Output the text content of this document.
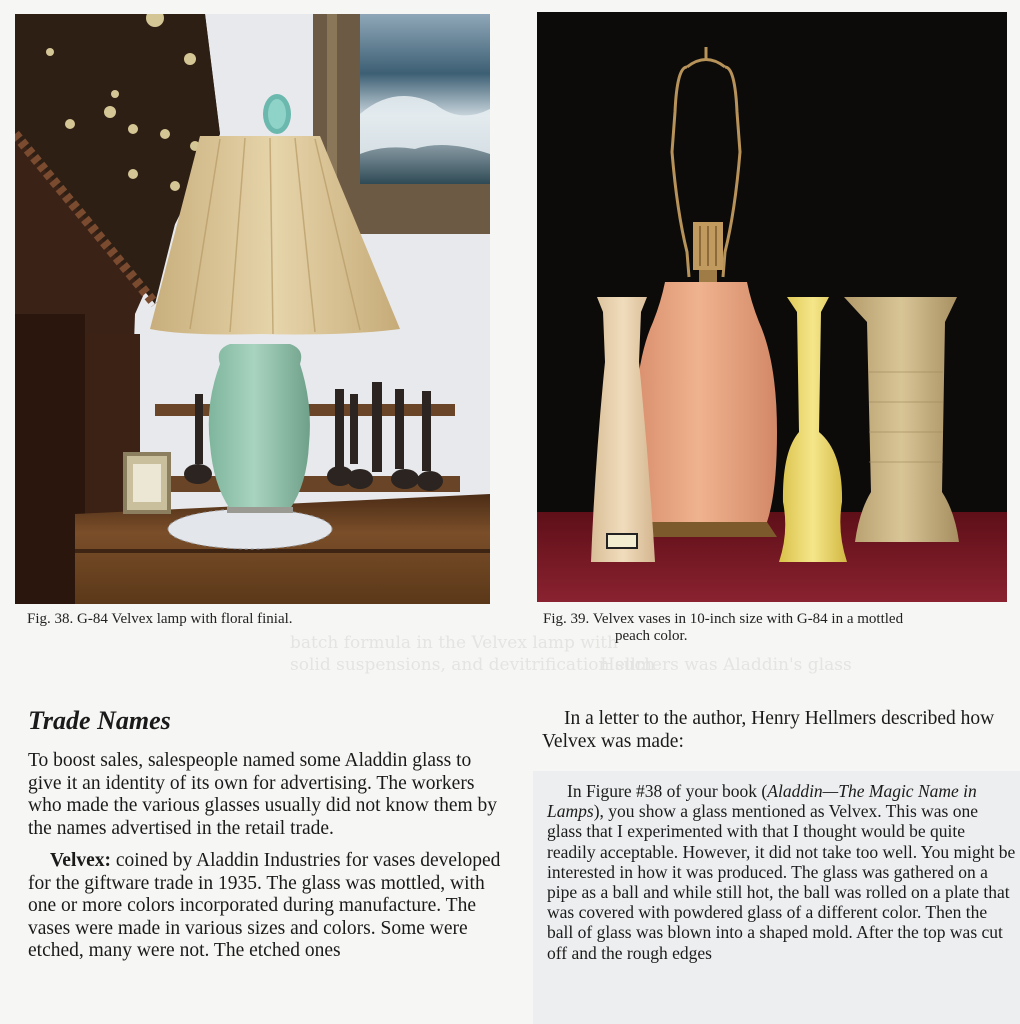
batch formula in the Velvex lamp with
solid suspensions, and devitrification such
Hellmers was Aladdin's glass
Fig. 38. G-84 Velvex lamp with floral finial.	Fig. 39. Velvex vases in 10-inch size with G-84 in a mottled
peach color.
Trade Names

To boost sales, salespeople named some Aladdin glass to give it an identity of its own for advertising. The workers who made the various glasses usually did not know them by the names advertised in the retail trade.

Velvex: coined by Aladdin Industries for vases developed for the giftware trade in 1935. The glass was mottled, with one or more colors incorporated during manufacture. The vases were made in various sizes and colors. Some were etched, many were not. The etched ones

In a letter to the author, Henry Hellmers described how Velvex was made:

In Figure #38 of your book (Aladdin—The Magic Name in Lamps), you show a glass mentioned as Velvex. This was one glass that I experimented with that I thought would be quite readily acceptable. However, it did not take too well. You might be interested in how it was produced. The glass was gathered on a pipe as a ball and while still hot, the ball was rolled on a plate that was covered with powdered glass of a different color. Then the ball of glass was blown into a shaped mold. After the top was cut off and the rough edges
